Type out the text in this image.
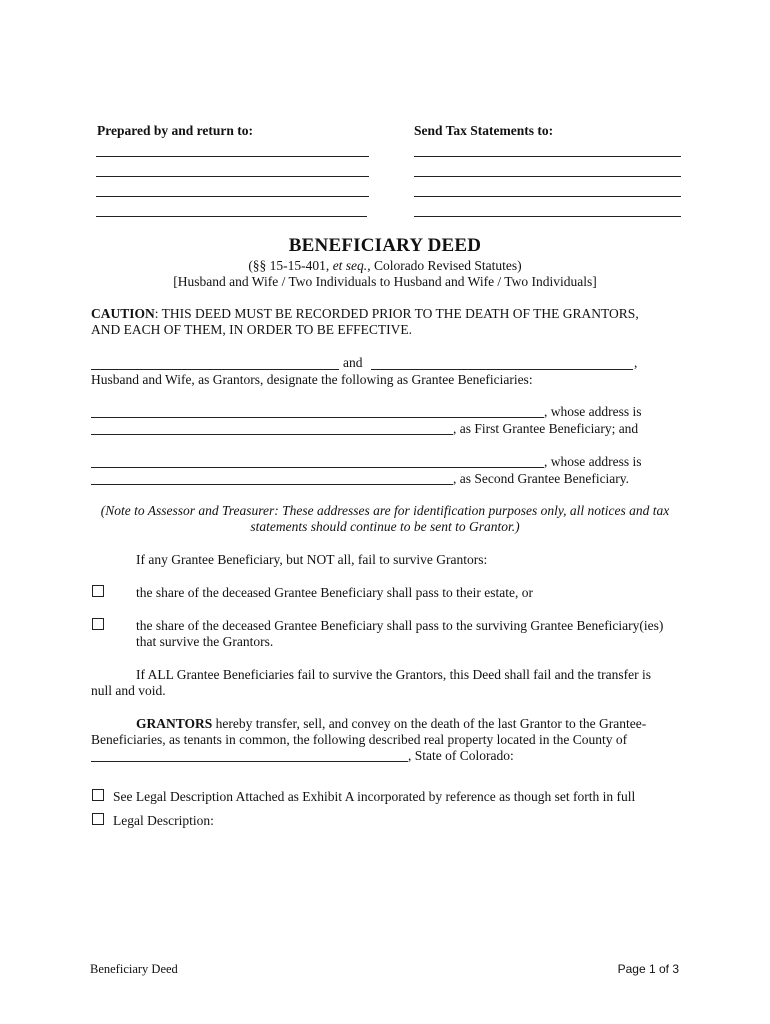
Prepared by and return to:	Send Tax Statements to:
BENEFICIARY DEED
(§§ 15-15-401, et seq., Colorado Revised Statutes)
[Husband and Wife / Two Individuals to Husband and Wife / Two Individuals]
CAUTION: THIS DEED MUST BE RECORDED PRIOR TO THE DEATH OF THE GRANTORS,
AND EACH OF THEM, IN ORDER TO BE EFFECTIVE.
and	,
Husband and Wife, as Grantors, designate the following as Grantee Beneficiaries:
, whose address is
, as First Grantee Beneficiary; and
, whose address is
, as Second Grantee Beneficiary.
(Note to Assessor and Treasurer: These addresses are for identification purposes only, all notices and tax
statements should continue to be sent to Grantor.)
If any Grantee Beneficiary, but NOT all, fail to survive Grantors:
the share of the deceased Grantee Beneficiary shall pass to their estate, or
the share of the deceased Grantee Beneficiary shall pass to the surviving Grantee Beneficiary(ies)
that survive the Grantors.
If ALL Grantee Beneficiaries fail to survive the Grantors, this Deed shall fail and the transfer is
null and void.
GRANTORS hereby transfer, sell, and convey on the death of the last Grantor to the Grantee-
Beneficiaries, as tenants in common, the following described real property located in the County of
, State of Colorado:
See Legal Description Attached as Exhibit A incorporated by reference as though set forth in full
Legal Description:
Beneficiary Deed	Page 1 of 3
